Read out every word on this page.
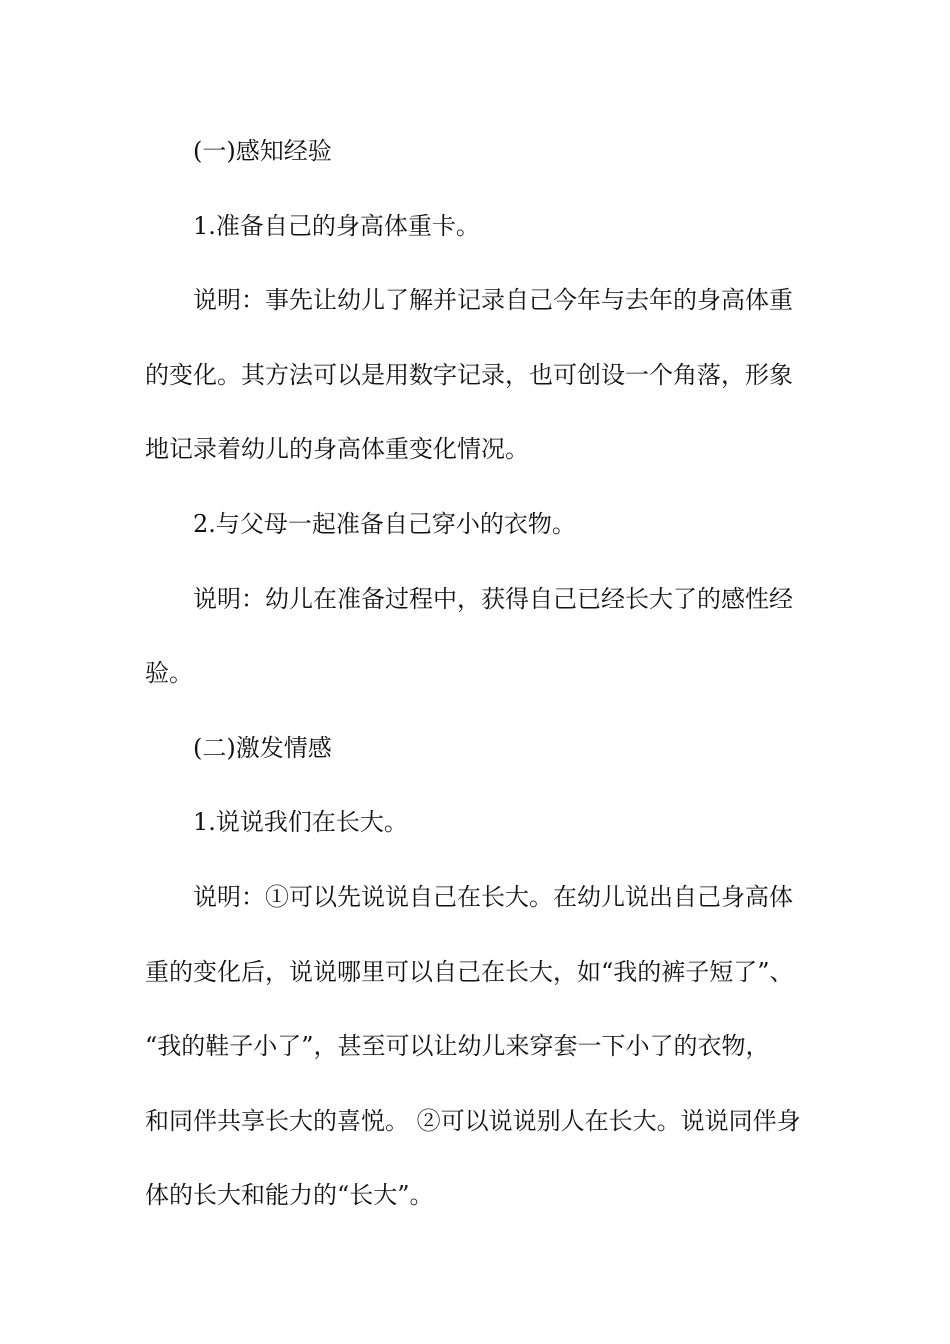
(一)感知经验
1.准备自己的身高体重卡。
说明：事先让幼儿了解并记录自己今年与去年的身高体重
的变化。其方法可以是用数字记录，也可创设一个角落，形象
地记录着幼儿的身高体重变化情况。
2.与父母一起准备自己穿小的衣物。
说明：幼儿在准备过程中，获得自己已经长大了的感性经
验。
(二)激发情感
1.说说我们在长大。
说明：①可以先说说自己在长大。在幼儿说出自己身高体
重的变化后，说说哪里可以自己在长大，如“我的裤子短了”、
“我的鞋子小了”，甚至可以让幼儿来穿套一下小了的衣物，
和同伴共享长大的喜悦。 ②可以说说别人在长大。说说同伴身
体的长大和能力的“长大”。
